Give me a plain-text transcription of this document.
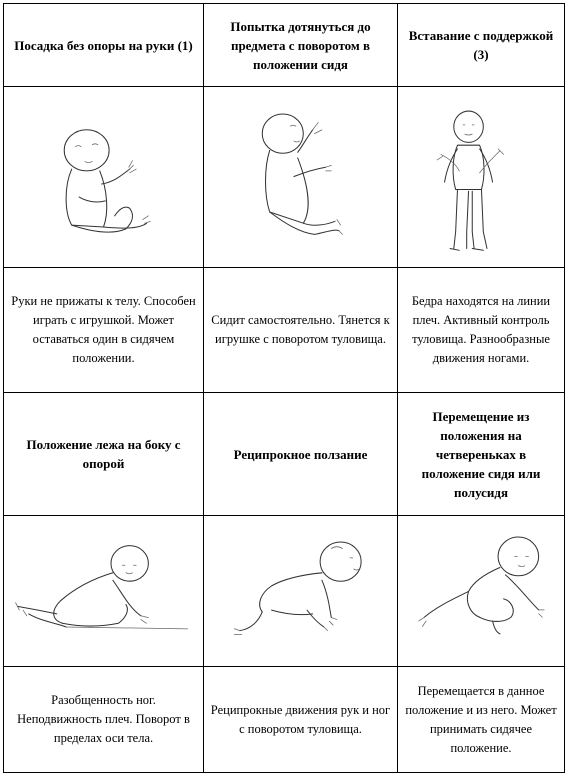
Посадка без опоры на руки (1)	Попытка дотянуться до предмета с поворотом в положении сидя	Вставание с поддержкой (3)

Руки не прижаты к телу. Способен играть с игрушкой. Может оставаться один в сидячем положении.	Сидит самостоятельно. Тянется к игрушке с поворотом туловища.	Бедра находятся на линии плеч. Активный контроль туловища. Разнообразные движения ногами.
Положение лежа на боку с опорой	Реципрокное ползание	Перемещение из положения на четвереньках в положение сидя или полусидя

Разобщенность ног. Неподвижность плеч. Поворот в пределах оси тела.	Реципрокные движения рук и ног с поворотом туловища.	Перемещается в данное положение и из него. Может принимать сидячее положение.
